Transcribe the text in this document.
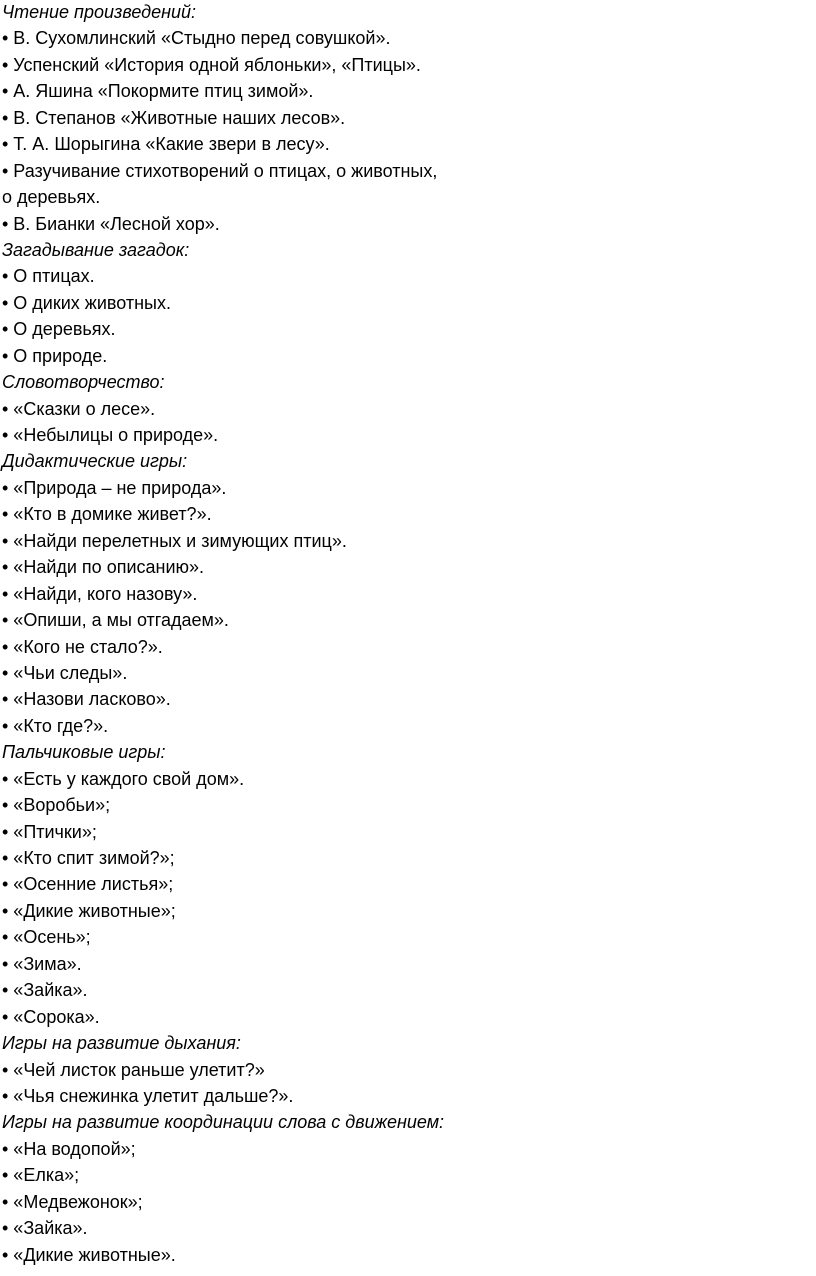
Чтение произведений:
• В. Сухомлинский «Стыдно перед совушкой».
• Успенский «История одной яблоньки», «Птицы».
• А. Яшина «Покормите птиц зимой».
• В. Степанов «Животные наших лесов».
• Т. А. Шорыгина «Какие звери в лесу».
• Разучивание стихотворений о птицах, о животных,
о деревьях.
• В. Бианки «Лесной хор».
Загадывание загадок:
• О птицах.
• О диких животных.
• О деревьях.
• О природе.
Словотворчество:
• «Сказки о лесе».
• «Небылицы о природе».
Дидактические игры:
• «Природа – не природа».
• «Кто в домике живет?».
• «Найди перелетных и зимующих птиц».
• «Найди по описанию».
• «Найди, кого назову».
• «Опиши, а мы отгадаем».
• «Кого не стало?».
• «Чьи следы».
• «Назови ласково».
• «Кто где?».
Пальчиковые игры:
• «Есть у каждого свой дом».
• «Воробьи»;
• «Птички»;
• «Кто спит зимой?»;
• «Осенние листья»;
• «Дикие животные»;
• «Осень»;
• «Зима».
• «Зайка».
• «Сорока».
Игры на развитие дыхания:
• «Чей листок раньше улетит?»
• «Чья снежинка улетит дальше?».
Игры на развитие координации слова с движением:
• «На водопой»;
• «Елка»;
• «Медвежонок»;
• «Зайка».
• «Дикие животные».
